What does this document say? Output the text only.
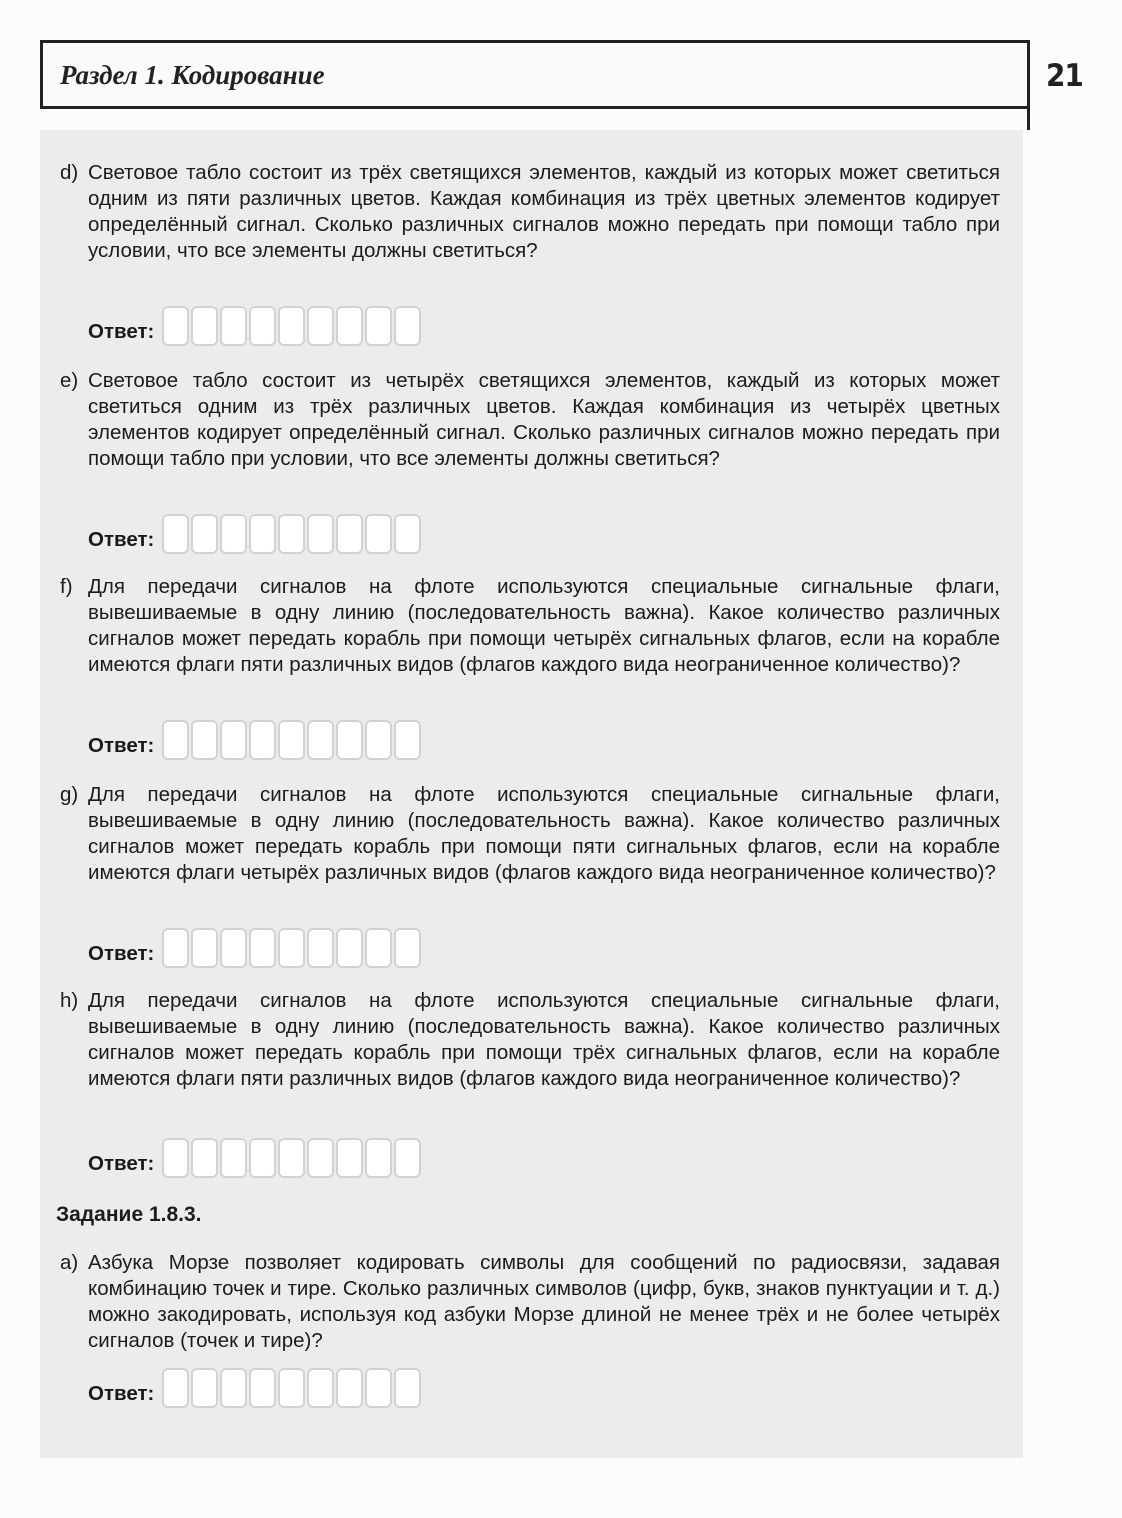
Раздел 1. Кодирование	21
d) Световое табло состоит из трёх светящихся элементов, каждый из которых может светиться одним из пяти различных цветов. Каждая комбинация из трёх цветных элементов кодирует определённый сигнал. Сколько различных сигналов можно передать при помощи табло при условии, что все элементы должны светиться?
Ответ:
e) Световое табло состоит из четырёх светящихся элементов, каждый из которых может светиться одним из трёх различных цветов. Каждая комбинация из четырёх цветных элементов кодирует определённый сигнал. Сколько различных сигналов можно передать при помощи табло при условии, что все элементы должны светиться?
Ответ:
f) Для передачи сигналов на флоте используются специальные сигнальные флаги, вывешиваемые в одну линию (последовательность важна). Какое количество различных сигналов может передать корабль при помощи четырёх сигнальных флагов, если на корабле имеются флаги пяти различных видов (флагов каждого вида неограниченное количество)?
Ответ:
g) Для передачи сигналов на флоте используются специальные сигнальные флаги, вывешиваемые в одну линию (последовательность важна). Какое количество различных сигналов может передать корабль при помощи пяти сигнальных флагов, если на корабле имеются флаги четырёх различных видов (флагов каждого вида неограниченное количество)?
Ответ:
h) Для передачи сигналов на флоте используются специальные сигнальные флаги, вывешиваемые в одну линию (последовательность важна). Какое количество различных сигналов может передать корабль при помощи трёх сигнальных флагов, если на корабле имеются флаги пяти различных видов (флагов каждого вида неограниченное количество)?
Ответ:
Задание 1.8.3.
a) Азбука Морзе позволяет кодировать символы для сообщений по радиосвязи, задавая комбинацию точек и тире. Сколько различных символов (цифр, букв, знаков пунктуации и т. д.) можно закодировать, используя код азбуки Морзе длиной не менее трёх и не более четырёх сигналов (точек и тире)?
Ответ:
